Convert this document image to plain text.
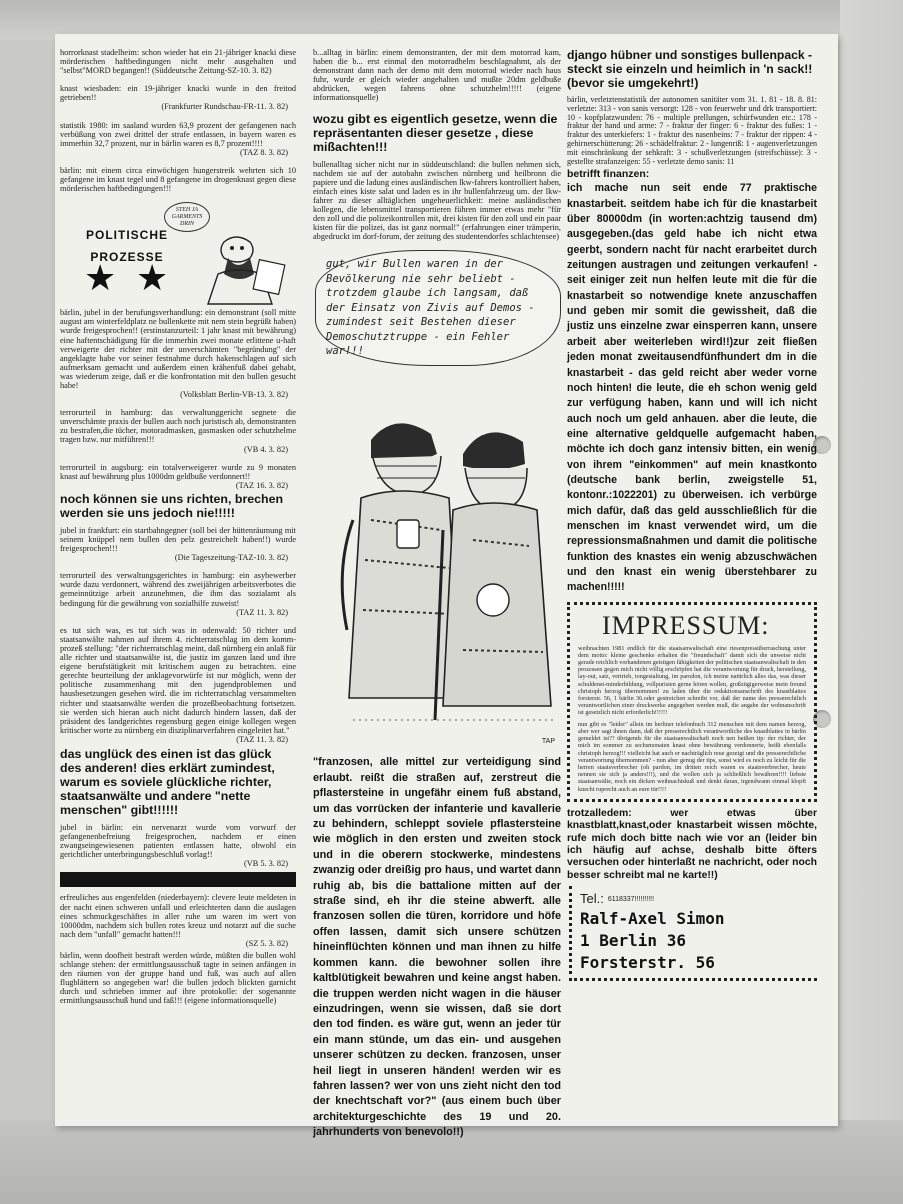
horrorknast stadelheim: schon wieder hat ein 21-jähriger knacki diese mörderischen haftbedingungen nicht mehr ausgehalten und "selbst"MORD begangen!! (Süddeutsche Zeitung-SZ-10. 3. 82)

knast wiesbaden: ein 19-jähriger knacki wurde in den freitod getrieben!!
(Frankfurter Rundschau-FR-11. 3. 82)

statistik 1980: im saaland wurden 63,9 prozent der gefangenen nach verbüßung von zwei drittel der strafe entlassen, in bayern waren es immerhin 32,7 prozent, nur in bärlin waren es 8,7 prozent!!!!
(TAZ 8. 3. 82)

bärlin: mit einem circa einwöchigen hungerstreik wehrten sich 10 gefangene im knast tegel und 8 gefangene im drogenknast gegen diese mörderischen haftbedingungen!!!

POLITISCHE PROZESSE
★ ★
STEH JA GARMENTS DRIN

bärlin, jubel in der berufungsverhandlung: ein demonstrant (soll mitte august am winterfeldplatz ne bullenkette mit nem stein begrüßt haben) wurde freigesprochen!! (erstinstanzurteil: 1 jahr knast mit bewährung) eine haftentschädigung für die immerhin zwei monate erlittene u-haft verweigerte der richter mit der unverschämten "begründung" der angeklagte habe vor seiner festnahme durch hakenschlagen auf sich aufmerksam gemacht und außerdem einen krähenfuß dabei gehabt, was wiederum zeige, daß er die konfrontation mit den bullen gesucht habe!
(Volksblatt Berlin-VB-13. 3. 82)

terrorurteil in hamburg: das verwaltunggericht segnete die unverschämte praxis der bullen auch noch juristisch ab, demonstranten zu bestrafen,die tücher, motoradmasken, gasmasken oder schutzhelme tragen bzw. nur mitführen!!!
(VB 4. 3. 82)

terrorurteil in augsburg: ein totalverweigerer wurde zu 9 monaten knast auf bewährung plus 1000dm geldbuße verdonnert!!
(TAZ 16. 3. 82)

noch können sie uns richten, brechen werden sie uns jedoch nie!!!!!

jubel in frankfurt: ein startbahngegner (soll bei der hüttenräumung mit seinem knüppel nem bullen den pelz gestreichelt haben!!) wurde freigesprochen!!!
(Die Tageszeitung-TAZ-10. 3. 82)

terrorurteil des verwaltungsgerichtes in hamburg: ein asybewerber wurde dazu verdonnert, während des zweijährigen arbeitsverbotes die gemeinnützige arbeit anzunehmen, die ihm das sozialamt als bedingung für die gewährung von sozialhilfe zuweist!
(TAZ 11. 3. 82)

es tut sich was, es tut sich was in odenwald: 50 richter und staatsanwälte nahmen auf ihrem 4. richterratschlag im dem komm-prozeß stellung: "der richterratschlag meint, daß nürnberg ein anlaß für alle richter und staatsanwälte ist, die justiz im ganzen land und ihre eigene berufstätigkeit mit kritischem augen zu betrachten. eine gerechte beurteilung der anklagevorwürfe ist nur möglich, wenn der politische zusammenhang mit den jugendproblemen und hausbesetzungen gesehen wird. die im richterratschlag versammelten richter und staatsanwälte werden die prozeßbeobachtung fortsetzen. sie werden sich hieran auch nicht dadurch hindern lassen, daß der präsident des landgerichtes regensburg gegen einige kollegen wegen kritischer worte zu nürnberg ein disziplinarverfahren eingeleitet hat."
(TAZ 11. 3. 82)

das unglück des einen ist das glück des anderen! dies erklärt zumindest, warum es soviele glückliche richter, staatsanwälte und andere "nette menschen" gibt!!!!!!

jubel in bärlin: ein nervenarzt wurde vom vorwurf der gefangenenbefreiung freigesprochen, nachdem er einen zwangseingewiesenen patienten entlassen hatte, obwohl ein gerichtlicher unterbringungsbeschluß vorlag!!
(VB 5. 3. 82)

erfreuliches aus engenfelden (niederbayern): clevere leute meldeten in der nacht einen schweren unfall und erleichterten dann die auslagen eines schmuckgeschäftes in aller ruhe um waren im wert von 10000dm, nachdem sich bullen rotes kreuz und notarzt auf die suche nach dem "unfall" gemacht hatten!!!
(SZ 5. 3. 82)

bärlin, wenn doofheit bestraft werden würde, müßten die bullen wohl schlange stehen: der ermittlungsausschuß tagte in seinen anfängen in den räumen von der gruppe hand und fuß, was auch auf allen flugblättern so angegeben war! die bullen jedoch blickten garnicht durch und schrieben immer auf ihre protokolle: der sogenannte ermittlungsausschuß hund und faß!!! (eigene informationsquelle)

b...alltag in bärlin: einem demonstranten, der mit dem motorrad kam, haben die b... erst einmal den motorradhelm beschlagnahmt, als der demonstrant dann nach der demo mit dem motorrad wieder nach haus fuhr, wurde er gleich wieder angehalten und mußte 20dm geldbuße abdrücken, wegen fahrens ohne schutzhelm!!!!! (eigene informationsquelle)

wozu gibt es eigentlich gesetze, wenn die repräsentanten dieser gesetze , diese mißachten!!!

bullenalltag sicher nicht nur in süddeutschland: die bullen nehmen sich, nachdem sie auf der autobahn zwischen nürnberg und heilbronn die papiere und die ladung eines ausländischen lkw-fahrers kontrolliert haben, einfach eines kiste salat und laden es in ihr bullenfahrzeug um. der lkw-fahrer zu dieser alltäglichen ungeheuerlichkeit: meine ausländischen kollegen, die lebensmittel transportieren führen immer etwas mehr "für den zoll und die polizeikontrollen mit, drei kisten für den zoll und ein paar kisten für die polizei, das ist ganz normal!" (erfahrungen einer trämperin, abgedruckt im dorf-forum, der zeitung des studentendorfes schlachtensee)

gut, wir Bullen waren in der Bevölkerung nie sehr beliebt - trotzdem glaube ich langsam, daß der Einsatz von Zivis auf Demos - zumindest seit Bestehen dieser Demoschutztruppe - ein Fehler war!!!
TAP

"franzosen, alle mittel zur verteidigung sind erlaubt. reißt die straßen auf, zerstreut die pflastersteine in ungefähr einem fuß abstand, um das vorrücken der infanterie und kavallerie zu behindern, schleppt soviele pflastersteine wie möglich in den ersten und zweiten stock und in die oberern stockwerke, mindestens zwanzig oder dreißig pro haus, und wartet dann ruhig ab, bis die battalione mitten auf der straße sind, eh ihr die steine abwerft. alle franzosen sollen die türen, korridore und höfe offen lassen, damit sich unsere schützen hineinflüchten können und man ihnen zu hilfe kommen kann. die bewohner sollen ihre kaltblütigkeit bewahren und keine angst haben. die truppen werden nicht wagen in die häuser einzudringen, wenn sie wissen, daß sie dort den tod finden. es wäre gut, wenn an jeder tür ein mann stünde, um das ein- und ausgehen unserer schützen zu decken. franzosen, unser heil liegt in unseren händen! werden wir es fahren lassen? wer von uns zieht nicht den tod der knechtschaft vor?" (aus einem buch über architekturgeschichte des 19 und 20. jahrhunderts von benevolo!!)

django hübner und sonstiges bullenpack - steckt sie einzeln und heimlich in 'n sack!! (bevor sie umgekehrt!)

bärlin, verletztenstatistik der autonomen sanitäter vom 31. 1. 81 - 18. 8. 81: verletzte: 313 - von sanis versorgt: 128 - von feuerwehr und drk transportiert: 10 - kopfplatzwunden: 76 - multiple prellungen, schürfwunden etc.: 178 - fraktur der hand und arme: 7 - fraktur der finger: 6 - fraktur des fußes: 1 - fraktur des unterkiefers: 1 - fraktur des nasenbeins: 7 - fraktur der rippen: 4 - gehirnerschütterung: 26 - schädelfraktur: 2 - lungenriß: 1 - augenverletzungen mit einschränkung der sehkraft: 3 - schußverletzungen (streifschüsse): 3 - gestellte strafanzeigen: 55 - verletzte demo sanis: 11

betrifft finanzen:

ich mache nun seit ende 77 praktische knastarbeit. seitdem habe ich für die knastarbeit über 80000dm (in worten:achtzig tausend dm) ausgegeben.(das geld habe ich nicht etwa geerbt, sondern nacht für nacht erarbeitet durch zeitungen austragen und zeitungen verkaufen! - seit einiger zeit nun helfen leute mit die für die knastarbeit so notwendige knete anzuschaffen und geben mir somit die gewissheit, daß die justiz uns einzelne zwar einsperren kann, unsere arbeit aber weiterleben wird!!)zur zeit fließen jeden monat zweitausendfünfhundert dm in die knastarbeit - das geld reicht aber weder vorne noch hinten! die leute, die eh schon wenig geld zur verfügung haben, kann und will ich nicht auch noch um geld anhauen. aber die leute, die eine alternative geldquelle aufgemacht haben, möchte ich doch ganz intensiv bitten, ein wenig von ihrem "einkommen" auf mein knastkonto (deutsche bank berlin, zweigstelle 51, kontonr.:1022201) zu überweisen. ich verbürge mich dafür, daß das geld ausschließlich für die menschen im knast verwendet wird, um die repressionsmaßnahmen und damit die politische funktion des knastes ein wenig abzuschwächen und den knast ein wenig überstehbarer zu machen!!!!!

IMPRESSUM:

weihnachten 1981 endlich für die staatsanwaltschaft eine riesenpressüberraschung unter dem motto: kleine geschenke erhalten die "freundschaft" damit sich die unweise nicht gerade reichlich vorhandenen geistigen fähigkeiten der politischen staatsanwaltschaft in den prozessen gegen mich nicht völlig erschöpfen hat die verantwortung für druck, herstellung, lay-out, satz, vertrieb, tongestaltung, im parodon, ich meine natürlich alles das, was dieser schuldenst-minderbildung, vollpurisien gerne hören wollen, großzügigerweise mein freund christoph herzog übernommen! zu laden über die redaktionsanschrift des knastblattes forsterstr. 56, 1 bärlin 36.oder gestreichen schreibt vor, daß der name des presserechtlich verantwortlichen einer druckwerke angegeben werden muß, die angabe der wohnanschrift ist gesetzlich nicht erforderlich!!!!!!

nun gibt es "leider" allein im berliner telefonbuch 312 menschen mit dem namen herzog, aber wer sagt ihnen dann, daß der presserechtlich verantwortliche des knastblattes in bärlin gemeldet ist?? übrigends für die staatsanwaltschaft noch nen heißen tip: der richter, der mich im sommer zu sechsmonaten knast ohne bewährung verdonnerte, heißt ebenfalls christoph herzog!!! vielleicht hat auch er nachträglich reue gezeigt und die presserechtliche verantwortung übernommen? - nun aber genug der tips, sonst wird es noch zu leicht für die herren staatsverbrecher (oh pardon, im dritten reich waren es staatsverbrecher, heute nennen sie sich ja anders!!!), und die wollen sich ja schließlich bewähren!!!! liebste staatsanwälte, noch ein dicken weihnachtskuß und denkt daran, irgendwann einmal klopft knecht ruprecht auch an eure tür!!!!

trotzalledem: wer etwas über knastblatt,knast,oder knastarbeit wissen möchte, rufe mich doch bitte nach wie vor an (leider bin ich häufig auf achse, deshalb bitte öfters versuchen oder hinterlaßt ne nachricht, oder noch besser schreibt mal ne karte!!)

Tel.: 6118337!!!!!!!!!!

Ralf-Axel Simon

1 Berlin 36

Forsterstr. 56
